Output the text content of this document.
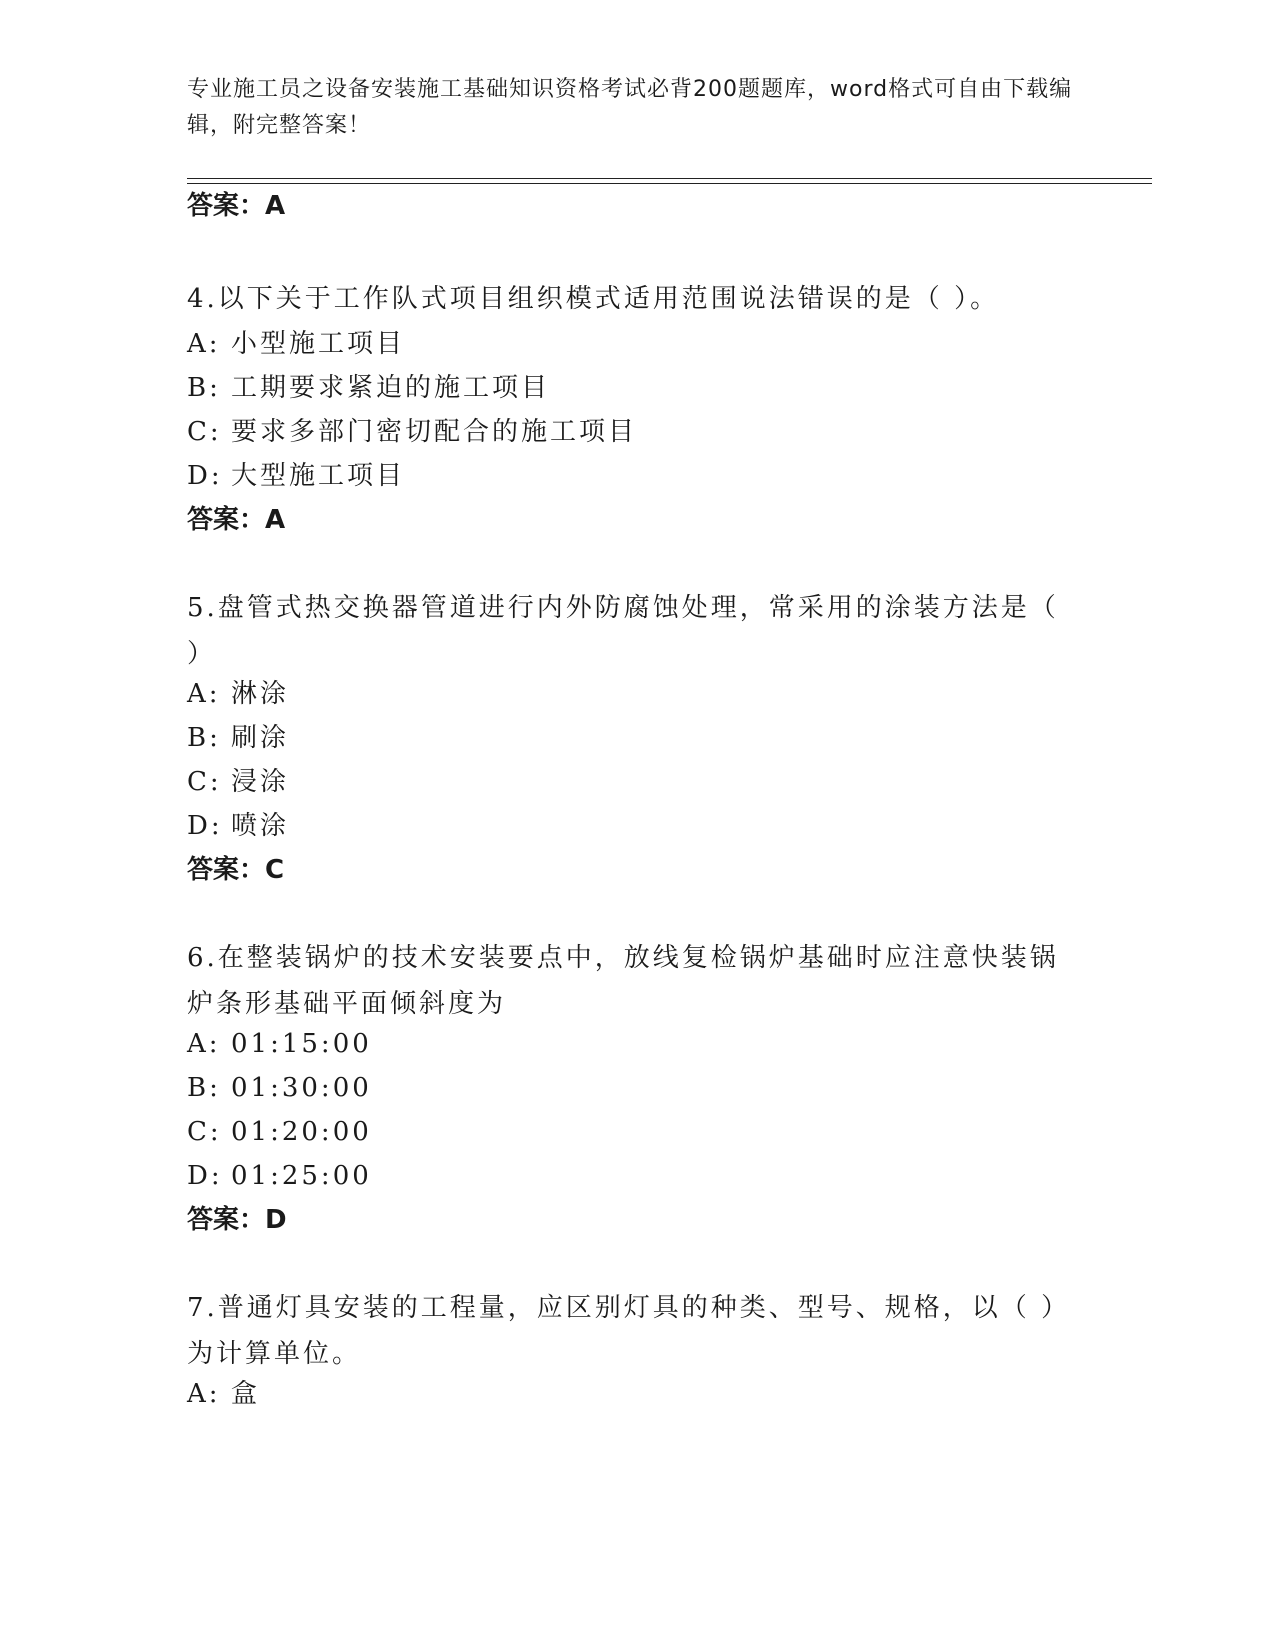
专业施工员之设备安装施工基础知识资格考试必背200题题库，word格式可自由下载编辑，附完整答案！
答案：A
4.以下关于工作队式项目组织模式适用范围说法错误的是（ ）。
A: 小型施工项目
B: 工期要求紧迫的施工项目
C: 要求多部门密切配合的施工项目
D: 大型施工项目
答案：A
5.盘管式热交换器管道进行内外防腐蚀处理，常采用的涂装方法是（ ）
A: 淋涂
B: 刷涂
C: 浸涂
D: 喷涂
答案：C
6.在整装锅炉的技术安装要点中，放线复检锅炉基础时应注意快装锅炉条形基础平面倾斜度为
A: 01:15:00
B: 01:30:00
C: 01:20:00
D: 01:25:00
答案：D
7.普通灯具安装的工程量，应区别灯具的种类、型号、规格，以（ ）为计算单位。
A: 盒
